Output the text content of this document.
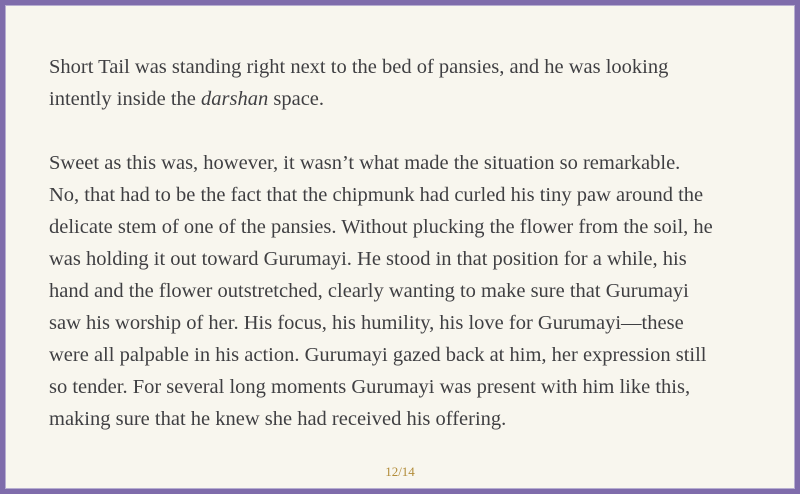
Short Tail was standing right next to the bed of pansies, and he was looking
intently inside the darshan space.

Sweet as this was, however, it wasn’t what made the situation so remarkable.
No, that had to be the fact that the chipmunk had curled his tiny paw around the
delicate stem of one of the pansies. Without plucking the flower from the soil, he
was holding it out toward Gurumayi. He stood in that position for a while, his
hand and the flower outstretched, clearly wanting to make sure that Gurumayi
saw his worship of her. His focus, his humility, his love for Gurumayi—these
were all palpable in his action. Gurumayi gazed back at him, her expression still
so tender. For several long moments Gurumayi was present with him like this,
making sure that he knew she had received his offering.

12/14
